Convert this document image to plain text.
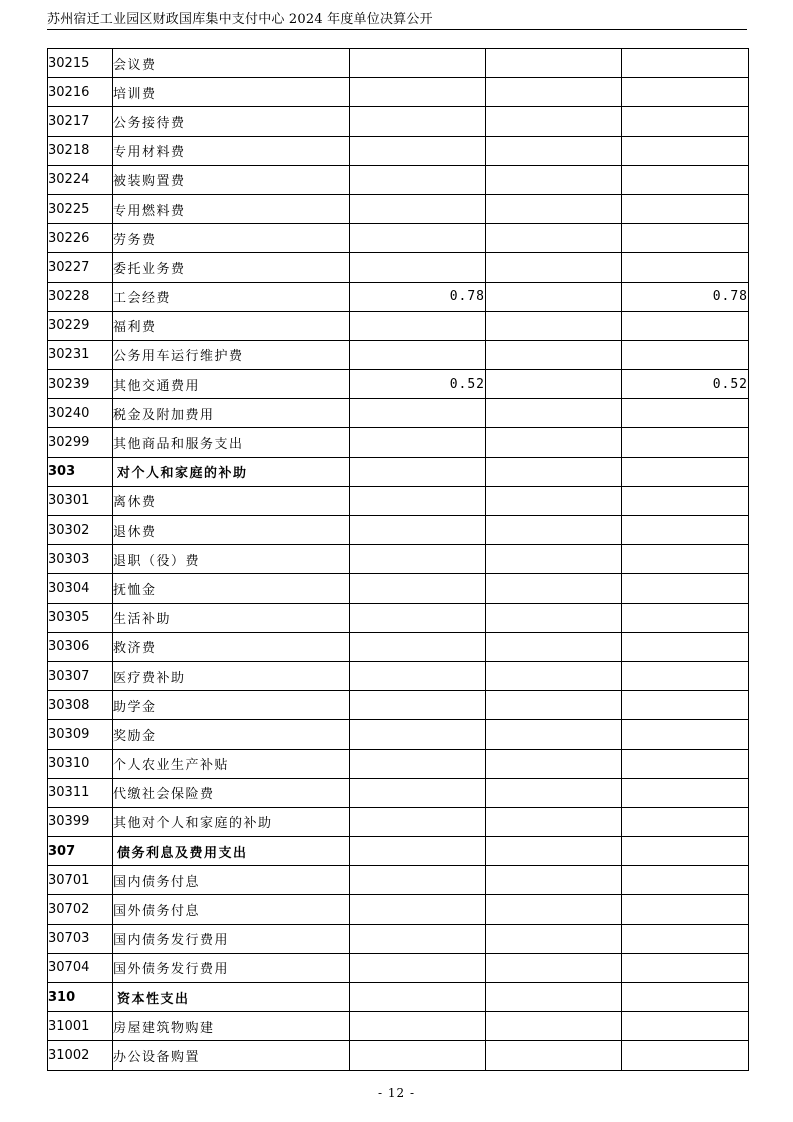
苏州宿迁工业园区财政国库集中支付中心 2024 年度单位决算公开
30215	会议费			
30216	培训费			
30217	公务接待费			
30218	专用材料费			
30224	被装购置费			
30225	专用燃料费			
30226	劳务费			
30227	委托业务费			
30228	工会经费	0.78		0.78
30229	福利费			
30231	公务用车运行维护费			
30239	其他交通费用	0.52		0.52
30240	税金及附加费用			
30299	其他商品和服务支出			
303	对个人和家庭的补助			
30301	离休费			
30302	退休费			
30303	退职（役）费			
30304	抚恤金			
30305	生活补助			
30306	救济费			
30307	医疗费补助			
30308	助学金			
30309	奖励金			
30310	个人农业生产补贴			
30311	代缴社会保险费			
30399	其他对个人和家庭的补助			
307	债务利息及费用支出			
30701	国内债务付息			
30702	国外债务付息			
30703	国内债务发行费用			
30704	国外债务发行费用			
310	资本性支出			
31001	房屋建筑物购建			
31002	办公设备购置			
- 12 -
